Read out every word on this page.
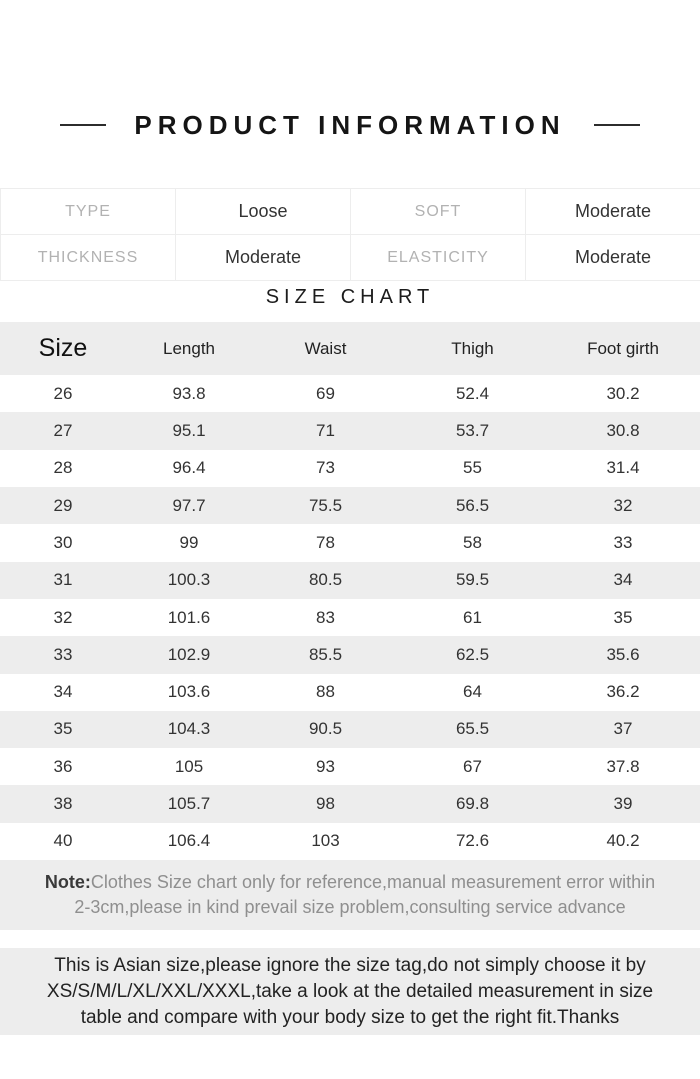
PRODUCT INFORMATION
TYPE	Loose	SOFT	Moderate
THICKNESS	Moderate	ELASTICITY	Moderate
SIZE CHART
Size	Length	Waist	Thigh	Foot girth
26	93.8	69	52.4	30.2
27	95.1	71	53.7	30.8
28	96.4	73	55	31.4
29	97.7	75.5	56.5	32
30	99	78	58	33
31	100.3	80.5	59.5	34
32	101.6	83	61	35
33	102.9	85.5	62.5	35.6
34	103.6	88	64	36.2
35	104.3	90.5	65.5	37
36	105	93	67	37.8
38	105.7	98	69.8	39
40	106.4	103	72.6	40.2
Note:Clothes Size chart only for reference,manual measurement error within
2-3cm,please in kind prevail size problem,consulting service advance
This is Asian size,please ignore the size tag,do not simply choose it by
XS/S/M/L/XL/XXL/XXXL,take a look at the detailed measurement in size
table and compare with your body size to get the right fit.Thanks
